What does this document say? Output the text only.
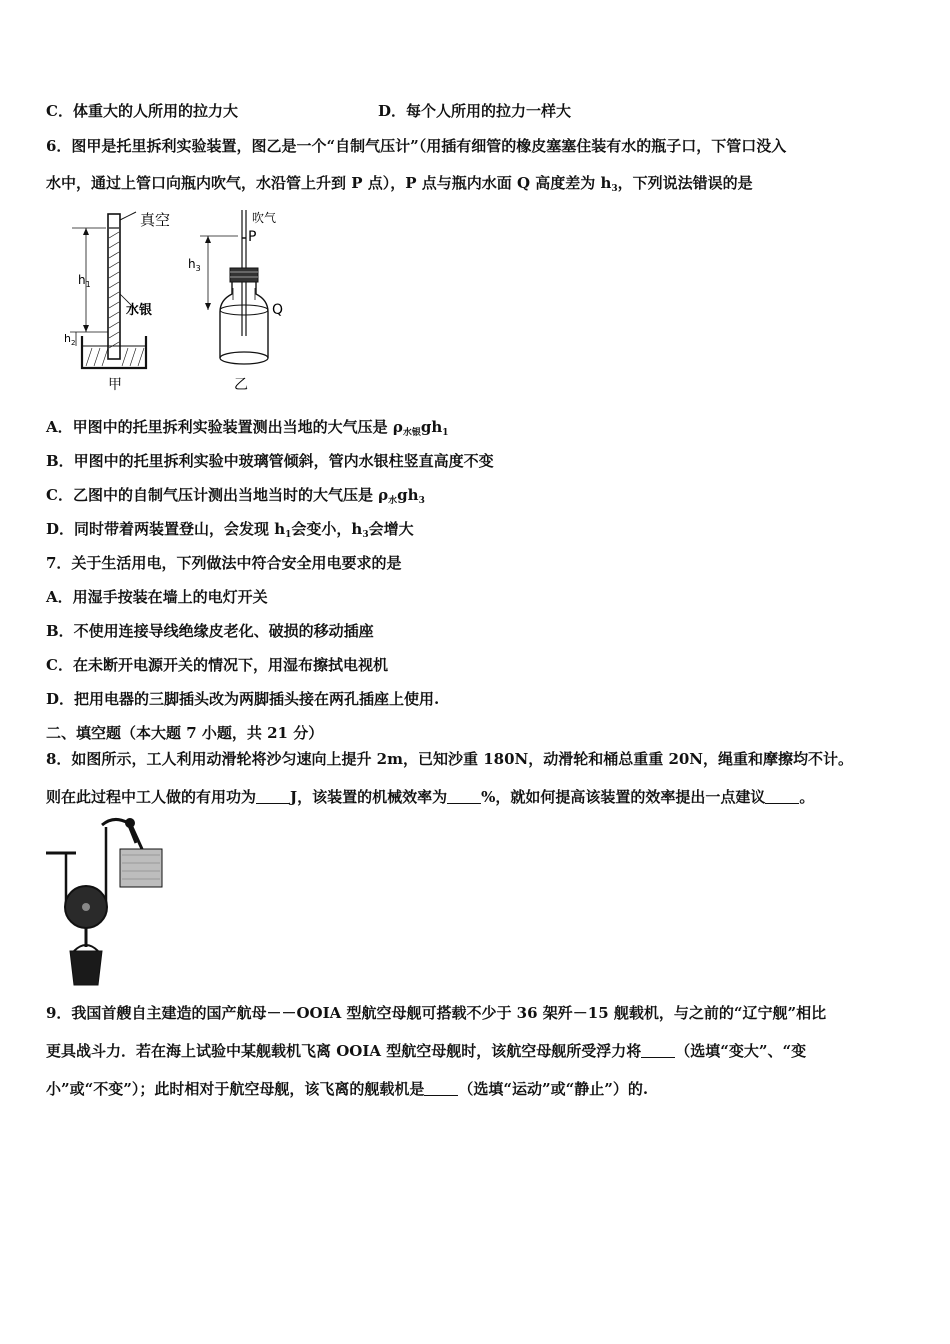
C．体重大的人所用的拉力大	D．每个人所用的拉力一样大
6．图甲是托里拆利实验装置，图乙是一个“自制气压计”（用插有细管的橡皮塞塞住装有水的瓶子口，下管口没入
水中，通过上管口向瓶内吹气，水沿管上升到 P 点），P 点与瓶内水面 Q 高度差为 $h_3$，下列说法错误的是
真空
$h_1$
水银
$h_2$
甲
吹气
P
$h_3$
Q
乙
A．甲图中的托里拆利实验装置测出当地的大气压是 $\rho_{水银}gh_1$
B．甲图中的托里拆利实验中玻璃管倾斜，管内水银柱竖直高度不变
C．乙图中的自制气压计测出当地当时的大气压是 $\rho_水gh_3$
D．同时带着两装置登山，会发现 $h_1$会变小，$h_3$会增大
7．关于生活用电，下列做法中符合安全用电要求的是
A．用湿手按装在墙上的电灯开关
B．不使用连接导线绝缘皮老化、破损的移动插座
C．在未断开电源开关的情况下，用湿布擦拭电视机
D．把用电器的三脚插头改为两脚插头接在两孔插座上使用.
二、填空题（本大题 7 小题，共 21 分）
8．如图所示，工人利用动滑轮将沙匀速向上提升 2m，已知沙重 180N，动滑轮和桶总重重 20N，绳重和摩擦均不计。
则在此过程中工人做的有用功为 J，该装置的机械效率为 %，就如何提高该装置的效率提出一点建议 。
9．我国首艘自主建造的国产航母－－OOIA 型航空母舰可搭载不少于 36 架歼－15 舰载机，与之前的“辽宁舰”相比
更具战斗力．若在海上试验中某舰载机飞离 OOIA 型航空母舰时，该航空母舰所受浮力将 （选填“变大”、“变
小”或“不变”）；此时相对于航空母舰，该飞离的舰载机是 （选填“运动”或“静止”）的.
